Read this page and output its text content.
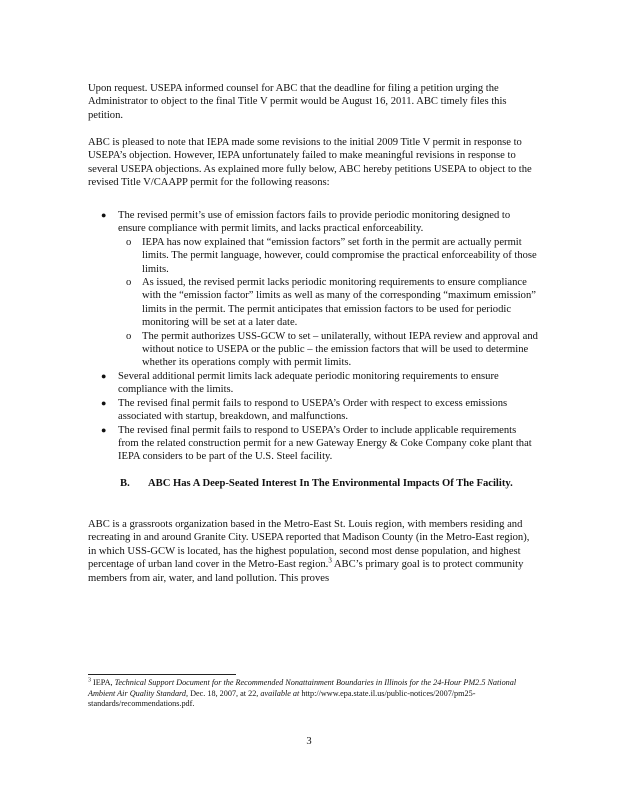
Upon request. USEPA informed counsel for ABC that the deadline for filing a petition urging the Administrator to object to the final Title V permit would be August 16, 2011. ABC timely files this petition.

ABC is pleased to note that IEPA made some revisions to the initial 2009 Title V permit in response to USEPA’s objection. However, IEPA unfortunately failed to make meaningful revisions in response to several USEPA objections. As explained more fully below, ABC hereby petitions USEPA to object to the revised Title V/CAAPP permit for the following reasons:

● The revised permit’s use of emission factors fails to provide periodic monitoring designed to ensure compliance with permit limits, and lacks practical enforceability.
o IEPA has now explained that “emission factors” set forth in the permit are actually permit limits. The permit language, however, could compromise the practical enforceability of those limits.
o As issued, the revised permit lacks periodic monitoring requirements to ensure compliance with the “emission factor” limits as well as many of the corresponding “maximum emission” limits in the permit. The permit anticipates that emission factors to be used for periodic monitoring will be set at a later date.
o The permit authorizes USS-GCW to set – unilaterally, without IEPA review and approval and without notice to USEPA or the public – the emission factors that will be used to determine whether its operations comply with permit limits.
● Several additional permit limits lack adequate periodic monitoring requirements to ensure compliance with the limits.
● The revised final permit fails to respond to USEPA’s Order with respect to excess emissions associated with startup, breakdown, and malfunctions.
● The revised final permit fails to respond to USEPA’s Order to include applicable requirements from the related construction permit for a new Gateway Energy & Coke Company coke plant that IEPA considers to be part of the U.S. Steel facility.
B.	ABC Has A Deep-Seated Interest In The Environmental Impacts Of The Facility.

ABC is a grassroots organization based in the Metro-East St. Louis region, with members residing and recreating in and around Granite City. USEPA reported that Madison County (in the Metro-East region), in which USS-GCW is located, has the highest population, second most dense population, and highest percentage of urban land cover in the Metro-East region.$^3$ ABC’s primary goal is to protect community members from air, water, and land pollution. This proves

$^3$ IEPA, Technical Support Document for the Recommended Nonattainment Boundaries in Illinois for the 24-Hour PM2.5 National Ambient Air Quality Standard, Dec. 18, 2007, at 22, available at http://www.epa.state.il.us/public-notices/2007/pm25-standards/recommendations.pdf.
3
